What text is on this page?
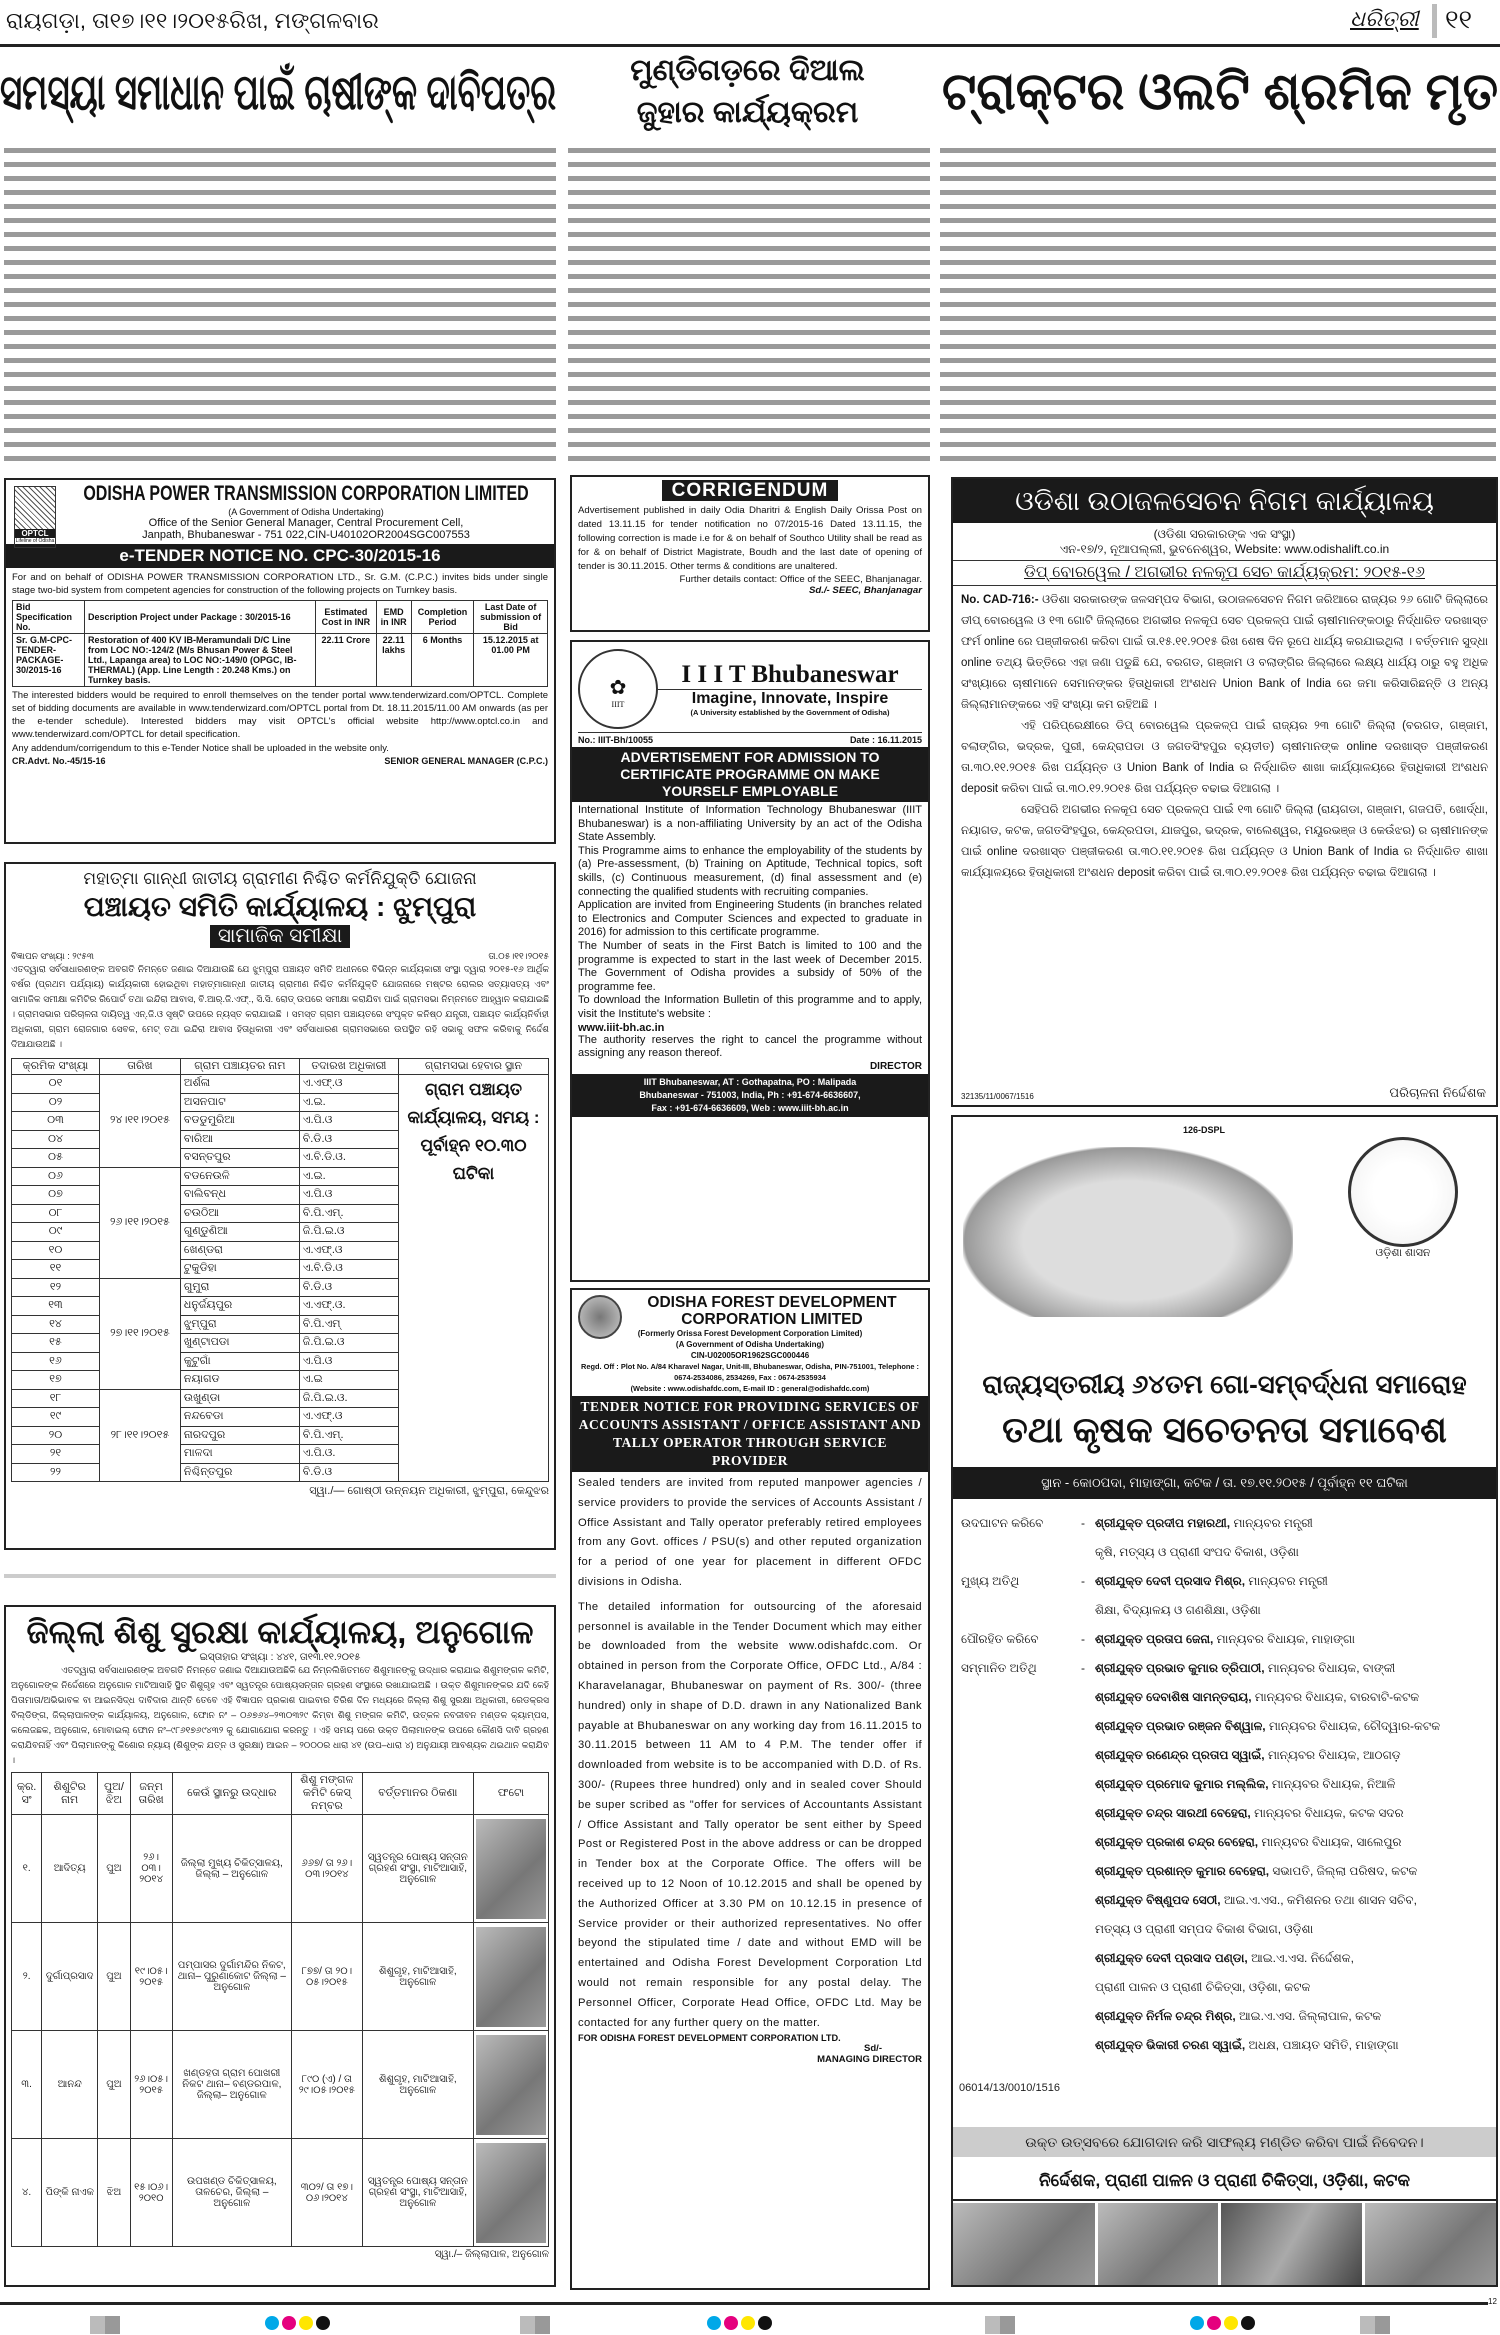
ରାୟଗଡ଼ା, ତା୧୭।୧୧।୨୦୧୫ରିଖ, ମଙ୍ଗଳବାର	ଧରିତ୍ରୀ ୧୧
ସମସ୍ୟା ସମାଧାନ ପାଇଁ ଚାଷୀଙ୍କ ଦାବିପତ୍ର	ମୁଣ୍ଡିଗଡ଼ରେ ଦିଆଲ
ଜୁହାର କାର୍ଯ୍ୟକ୍ରମ	ଟ୍ରାକ୍ଟର ଓଲଟି ଶ୍ରମିକ ମୃତ
OPTCL
Lifeline of Odisha
ODISHA POWER TRANSMISSION CORPORATION LIMITED
(A Government of Odisha Undertaking)
Office of the Senior General Manager, Central Procurement Cell,
Janpath, Bhubaneswar - 751 022,CIN-U40102OR2004SGC007553
e-TENDER NOTICE NO. CPC-30/2015-16
For and on behalf of ODISHA POWER TRANSMISSION CORPORATION LTD., Sr. G.M. (C.P.C.) invites bids under single stage two-bid system from competent agencies for construction of the following projects on Turnkey basis.
Bid Specification No.	Description Project under Package : 30/2015-16	Estimated Cost in INR	EMD in INR	Completion Period	Last Date of submission of Bid
Sr. G.M-CPC-TENDER-PACKAGE-30/2015-16	Restoration of 400 KV IB-Meramundali D/C Line from LOC NO:-124/2 (M/s Bhusan Power & Steel Ltd., Lapanga area) to LOC NO:-149/0 (OPGC, IB-THERMAL) (App. Line Length : 20.248 Kms.) on Turnkey basis.	22.11 Crore	22.11 lakhs	6 Months	15.12.2015 at 01.00 PM
The interested bidders would be required to enroll themselves on the tender portal www.tenderwizard.com/OPTCL. Complete set of bidding documents are available in www.tenderwizard.com/OPTCL portal from Dt. 18.11.2015/11.00 AM onwards (as per the e-tender schedule). Interested bidders may visit OPTCL's official website http://www.optcl.co.in and www.tenderwizard.com/OPTCL for detail specification.
Any addendum/corrigendum to this e-Tender Notice shall be uploaded in the website only.
CR.Advt. No.-45/15-16	SENIOR GENERAL MANAGER (C.P.C.)
ମହାତ୍ମା ଗାନ୍ଧୀ ଜାତୀୟ ଗ୍ରାମୀଣ ନିଶ୍ଚିତ କର୍ମନିଯୁକ୍ତି ଯୋଜନା
ପଞ୍ଚାୟତ ସମିତି କାର୍ଯ୍ୟାଳୟ : ଝୁମ୍ପୁରା
ସାମାଜିକ ସମୀକ୍ଷା
ବିଜ୍ଞାପନ ସଂଖ୍ୟା : ୨୯୫୩	ତା.୦୫।୧୧।୨୦୧୫
ଏତଦ୍ୱାରା ସର୍ବସାଧାରଣଙ୍କ ଅବଗତି ନିମନ୍ତେ ଜଣାଇ ଦିଆଯାଉଛି ଯେ ଝୁମ୍ପୁରା ପଞ୍ଚାୟତ ସମିତି ଅଧୀନରେ ବିଭିନ୍ନ କାର୍ଯ୍ୟକାରୀ ସଂସ୍ଥା ଦ୍ୱାରା ୨୦୧୫-୧୬ ଆର୍ଥିକ ବର୍ଷର (ପ୍ରଥମ ପର୍ଯ୍ୟାୟ) କାର୍ଯ୍ୟକାରୀ ହୋଇଥିବା ମହାତ୍ମାଗାନ୍ଧୀ ଜାତୀୟ ଗ୍ରାମୀଣ ନିଶ୍ଚିତ କର୍ମନିଯୁକ୍ତି ଯୋଜନାରେ ମଷ୍ଟର ରୋଲର ସତ୍ୟାସତ୍ୟ ଏବଂ ସାମାଜିକ ସମୀକ୍ଷା କମିଟିର ରିପୋର୍ଟ ତଥା ଇନ୍ଦିରା ଆବାସ, ବି.ଆର୍.ଜି.ଏଫ୍., ସି.ସି. ରୋଡ୍ ଉପରେ ସମୀକ୍ଷା କରାଯିବା ପାଇଁ ଗ୍ରାମସଭା ନିମ୍ନମତେ ଆହ୍ୱାନ କରାଯାଇଛି । ଗ୍ରାମସଭାର ପରିଚାଳନା ଦାୟିତ୍ୱ ଏନ୍.ଜି.ଓ ସୃଷ୍ଟି ଉପରେ ନ୍ୟସ୍ତ କରାଯାଇଛି । ସମସ୍ତ ଗ୍ରାମ ପଞ୍ଚାୟତରେ ସଂପୃକ୍ତ କନିଷ୍ଠ ଯନ୍ତ୍ରୀ, ପଞ୍ଚାୟତ କାର୍ଯ୍ୟନିର୍ବାହୀ ଅଧିକାରୀ, ଗ୍ରାମ ରୋଜଗାର ସେବକ, ମେଟ୍ ତଥା ଇନ୍ଦିରା ଆବାସ ହିତାଧିକାରୀ ଏବଂ ସର୍ବସାଧାରଣ ଗ୍ରାମସଭାରେ ଉପସ୍ଥିତ ରହି ସଭାକୁ ସଫଳ କରିବାକୁ ନିର୍ଦ୍ଦେଶ ଦିଆଯାଉଅଛି ।
କ୍ରମିକ ସଂଖ୍ୟା	ତାରିଖ	ଗ୍ରାମ ପଞ୍ଚାୟତର ନାମ	ତଦାରଖ ଅଧିକାରୀ	ଗ୍ରାମସଭା ହେବାର ସ୍ଥାନ
୦୧	୨୪।୧୧।୨୦୧୫	ଅର୍ଶଳା	ଏ.ଏଫ୍.ଓ	ଗ୍ରାମ ପଞ୍ଚାୟତ କାର୍ଯ୍ୟାଳୟ, ସମୟ : ପୂର୍ବାହ୍ନ ୧୦.୩୦ ଘଟିକା
୦୨		ଅସନପାଟ	ଏ.ଇ.	
୦୩		ବଡଡୁମୁରିଆ	ଏ.ପି.ଓ	
୦୪		ବାରିଆ	ବି.ଡି.ଓ	
୦୫		ବସନ୍ତପୁର	ଏ.ବି.ଡି.ଓ.	
୦୬	୨୬।୧୧।୨୦୧୫	ବଡନେଉଳି	ଏ.ଇ.	
୦୭		ବାଲିବନ୍ଧ	ଏ.ପି.ଓ	
୦୮		ଚଉଠିଆ	ବି.ପି.ଏମ୍.	
୦୯		ଗୁଣ୍ଡୁଣିଆ	ଜି.ପି.ଇ.ଓ	
୧୦		ଖେଣ୍ଡରା	ଏ.ଏଫ୍.ଓ	
୧୧		ଟୁକୁଡିହା	ଏ.ବି.ଡି.ଓ	
୧୨	୨୭।୧୧।୨୦୧୫	ଗୁମୁରା	ବି.ଡି.ଓ	
୧୩		ଧନୁର୍ଜୟପୁର	ଏ.ଏଫ୍.ଓ.	
୧୪		ଝୁମ୍ପୁରା	ବି.ପି.ଏମ୍	
୧୫		ଖୁଣ୍ଟାପଡା	ଜି.ପି.ଇ.ଓ	
୧୬		କୁଟୁଗାଁ	ଏ.ପି.ଓ	
୧୭		ନୟାଗଡ	ଏ.ଇ	
୧୮	୨୮।୧୧।୨୦୧୫	ଉଖୁଣ୍ଡା	ଜି.ପି.ଇ.ଓ.	
୧୯		ନନ୍ଦବେଡା	ଏ.ଏଫ୍.ଓ	
୨୦		ନାରଦପୁର	ବି.ପି.ଏମ୍.	
୨୧		ମାଳଦା	ଏ.ପି.ଓ.	
୨୨		ନିଶ୍ଚିନ୍ତପୁର	ବି.ଡି.ଓ	
ସ୍ୱା./— ଗୋଷ୍ଠୀ ଉନ୍ନୟନ ଅଧିକାରୀ, ଝୁମ୍ପୁରା, କେନ୍ଦୁଝର
ଜିଲ୍ଲା ଶିଶୁ ସୁରକ୍ଷା କାର୍ଯ୍ୟାଳୟ, ଅନୁଗୋଳ
ଇସ୍ତାହାର ସଂଖ୍ୟା : ୪୪୧, ତା୧୩.୧୧.୨୦୧୫
ଏତଦ୍ୱାରା ସର୍ବସାଧାରଣଙ୍କ ଅବଗତି ନିମନ୍ତେ ଜଣାଇ ଦିଆଯାଉଅଛିକି ଯେ ନିମ୍ନଲିଖିତମତେ ଶିଶୁମାନଙ୍କୁ ଉଦ୍ଧାର କରାଯାଇ ଶିଶୁମଙ୍ଗଳ କମିଟି, ଅନୁଗୋଳଙ୍କ ନିର୍ଦ୍ଦେଶରେ ଅନୁଗୋଳ ମାଟିଆସାହି ସ୍ଥିତ ଶିଶୁଗୃହ ଏବଂ ସ୍ୱତନ୍ତ୍ର ପୋଷ୍ୟସନ୍ତାନ ଗ୍ରହଣ ସଂସ୍ଥାରେ ରଖାଯାଇଅଛି । ଉକ୍ତ ଶିଶୁମାନଙ୍କର ଯଦି କେହି ପିତାମାତା/ଅଭିଭାବକ ବା ଆଇନସିଦ୍ଧ ଦାବିଦାର ଥାନ୍ତି ତେବେ ଏହି ବିଜ୍ଞାପନ ପ୍ରକାଶ ପାଇବାର ତିରିଶ ଦିନ ମଧ୍ୟରେ ଜିଲ୍ଲା ଶିଶୁ ସୁରକ୍ଷା ଅଧିକାରୀ, ରେଡକ୍ରସ ବିଲ୍ଡିଙ୍ଗ, ଜିଲ୍ଲାପାଳଙ୍କ କାର୍ଯ୍ୟାଳୟ, ଅନୁଗୋଳ, ଫୋନ ନଂ – ୦୬୭୬୪–୨୩୦୩୨୯ କିମ୍ବା ଶିଶୁ ମଙ୍ଗଳ କମିଟି, ଉତ୍କଳ ନବଜୀବନ ମଣ୍ଡଳ କ୍ୟାମ୍ପସ, କଲେଜଛକ, ଅନୁଗୋଳ, ମୋବାଇଲ୍ ଫୋନ ନଂ–୯୮୬୧୭୬୯୪୩୨ କୁ ଯୋଗାଯୋଗ କରନ୍ତୁ । ଏହି ସମୟ ପରେ ଉକ୍ତ ପିଲାମାନଙ୍କ ଉପରେ କୌଣସି ଦାବି ଗ୍ରହଣ କରାଯିବନାହିଁ ଏବଂ ପିଲାମାନଙ୍କୁ କିଶୋର ନ୍ୟାୟ (ଶିଶୁଙ୍କ ଯତ୍ନ ଓ ସୁରକ୍ଷା) ଆଇନ – ୨୦୦୦ର ଧାରା ୪୧ (ଉପ–ଧାରା ୪) ଅନୁଯାୟୀ ଆବଶ୍ୟକ ଥଇଥାନ କରାଯିବ ।
କ୍ର. ସଂ	ଶିଶୁଟିର ନାମ	ପୁଅ/ ଝିଅ	ଜନ୍ମ ତାରିଖ	କେଉଁ ସ୍ଥାନରୁ ଉଦ୍ଧାର	ଶିଶୁ ମଙ୍ଗଳ କମିଟି କେସ୍ ନମ୍ବର	ବର୍ତ୍ତମାନର ଠିକଣା	ଫଟୋ
୧.	ଆଦିତ୍ୟ	ପୁଅ	୨୬।୦୩।୨୦୧୪	ଜିଲ୍ଲା ମୁଖ୍ୟ ଚିକିତ୍ସାଳୟ, ଜିଲ୍ଲା – ଅନୁଗୋଳ	୬୬୭/ ତା ୨୬।୦୩।୨୦୧୪	ସ୍ୱତନ୍ତ୍ର ପୋଷ୍ୟ ସନ୍ତାନ ଗ୍ରହଣ ସଂସ୍ଥା, ମାଟିଆସାହି, ଅନୁଗୋଳ	

୨.	ଦୁର୍ଗାପ୍ରସାଦ	ପୁଅ	୧୯।୦୫।୨୦୧୫	ପମ୍ପାସର ଦୁର୍ଗାମନ୍ଦିର ନିକଟ, ଥାନା– ପୁରୁଣାକୋଟ ଜିଲ୍ଲା – ଅନୁଗୋଳ	୮୭୭/ ତା ୨୦।୦୫।୨୦୧୫	ଶିଶୁଗୃହ, ମାଟିଆସାହି, ଅନୁଗୋଳ	

୩.	ଆନନ୍ଦ	ପୁଅ	୨୬।୦୫।୨୦୧୫	ଖଣ୍ଡହତା ଗ୍ରାମ ପୋଖରୀ ନିକଟ ଥାନା– ବଣ୍ଡରପାଳ, ଜିଲ୍ଲା– ଅନୁଗୋଳ	୮୯୦ (ଏ) / ତା ୨୯।୦୫।୨୦୧୫	ଶିଶୁଗୃହ, ମାଟିଆସାହି, ଅନୁଗୋଳ	

୪.	ପିଙ୍କି ନାଏକ	ଝିଅ	୧୫।୦୬।୨୦୧୦	ଉପଖଣ୍ଡ ଚିକିତ୍ସାଳୟ, ତାଳଚେର, ଜିଲ୍ଲା – ଅନୁଗୋଳ	୩୦୨/ ତା ୧୭।୦୬।୨୦୧୪	ସ୍ୱତନ୍ତ୍ର ପୋଷ୍ୟ ସନ୍ତାନ ଗ୍ରହଣ ସଂସ୍ଥା, ମାଟିଆସାହି, ଅନୁଗୋଳ	
ସ୍ୱା./– ଜିଲ୍ଲାପାଳ, ଅନୁଗୋଳ
CORRIGENDUM
Advertisement published in daily Odia Dharitri & English Daily Orissa Post on dated 13.11.15 for tender notification no 07/2015-16 Dated 13.11.15, the following correction is made i.e for & on behalf of Southco Utility shall be read as for & on behalf of District Magistrate, Boudh and the last date of opening of tender is 30.11.2015. Other terms & conditions are unaltered.
Further details contact: Office of the SEEC, Bhanjanagar.
Sd./- SEEC, Bhanjanagar
✿
IIIT
I I I T Bhubaneswar
Imagine, Innovate, Inspire
(A University established by the Government of Odisha)
No.: IIIT-Bh/10055	Date : 16.11.2015
ADVERTISEMENT FOR ADMISSION TO CERTIFICATE PROGRAMME ON MAKE YOURSELF EMPLOYABLE
International Institute of Information Technology Bhubaneswar (IIIT Bhubaneswar) is a non-affiliating University by an act of the Odisha State Assembly.
This Programme aims to enhance the employability of the students by (a) Pre-assessment, (b) Training on Aptitude, Technical topics, soft skills, (c) Continuous measurement, (d) final assessment and (e) connecting the qualified students with recruiting companies.
Application are invited from Engineering Students (in branches related to Electronics and Computer Sciences and expected to graduate in 2016) for admission to this certificate programme.
The Number of seats in the First Batch is limited to 100 and the programme is expected to start in the last week of December 2015. The Government of Odisha provides a subsidy of 50% of the programme fee.
To download the Information Bulletin of this programme and to apply, visit the Institute's website :
www.iiit-bh.ac.in
The authority reserves the right to cancel the programme without assigning any reason thereof.
DIRECTOR
IIIT Bhubaneswar, AT : Gothapatna, PO : Malipada
Bhubaneswar - 751003, India, Ph : +91-674-6636607,
Fax : +91-674-6636609, Web : www.iiit-bh.ac.in
ODISHA FOREST DEVELOPMENT CORPORATION LIMITED
(Formerly Orissa Forest Development Corporation Limited)
(A Government of Odisha Undertaking)
CIN-U02005OR1962SGC000446
Regd. Off : Plot No. A/84 Kharavel Nagar, Unit-III, Bhubaneswar, Odisha, PIN-751001, Telephone : 0674-2534086, 2534269, Fax : 0674-2535934
(Website : www.odishafdc.com, E-mail ID : general@odishafdc.com)
TENDER NOTICE FOR PROVIDING SERVICES OF ACCOUNTS ASSISTANT / OFFICE ASSISTANT AND TALLY OPERATOR THROUGH SERVICE PROVIDER
Sealed tenders are invited from reputed manpower agencies / service providers to provide the services of Accounts Assistant / Office Assistant and Tally operator preferably retired employees from any Govt. offices / PSU(s) and other reputed organization for a period of one year for placement in different OFDC divisions in Odisha.
The detailed information for outsourcing of the aforesaid personnel is available in the Tender Document which may either be downloaded from the website www.odishafdc.com. Or obtained in person from the Corporate Office, OFDC Ltd., A/84 : Kharavelanagar, Bhubaneswar on payment of Rs. 300/- (three hundred) only in shape of D.D. drawn in any Nationalized Bank payable at Bhubaneswar on any working day from 16.11.2015 to 30.11.2015 between 11 AM to 4 P.M. The tender offer if downloaded from website is to be accompanied with D.D. of Rs. 300/- (Rupees three hundred) only and in sealed cover Should be super scribed as "offer for services of Accountants Assistant / Office Assistant and Tally operator be sent either by Speed Post or Registered Post in the above address or can be dropped in Tender box at the Corporate Office. The offers will be received up to 12 Noon of 10.12.2015 and shall be opened by the Authorized Officer at 3.30 PM on 10.12.15 in presence of Service provider or their authorized representatives. No offer beyond the stipulated time / date and without EMD will be entertained and Odisha Forest Development Corporation Ltd would not remain responsible for any postal delay. The Personnel Officer, Corporate Head Office, OFDC Ltd. May be contacted for any further query on the matter.
FOR ODISHA FOREST DEVELOPMENT CORPORATION LTD.
Sd/-
MANAGING DIRECTOR
ଓଡିଶା ଉଠାଜଳସେଚନ ନିଗମ କାର୍ଯ୍ୟାଳୟ
(ଓଡିଶା ସରକାରଙ୍କ ଏକ ସଂସ୍ଥା)
ଏନ-୧୭/୨, ନୂଆପଲ୍ଲୀ, ଭୁବନେଶ୍ୱର, Website: www.odishalift.co.in
ଡିପ୍ ବୋରୱେଲ / ଅଗଭୀର ନଳକୂପ ସେଚ କାର୍ଯ୍ୟକ୍ରମ: ୨୦୧୫-୧୬
No. CAD-716:- ଓଡିଶା ସରକାରଙ୍କ ଜଳସମ୍ପଦ ବିଭାଗ, ଉଠାଜଳସେଚନ ନିଗମ ଜରିଆରେ ରାଜ୍ୟର ୨୬ ଗୋଟି ଜିଲ୍ଲାରେ ଡୀପ୍ ବୋରୱେଲ ଓ ୧୩ ଗୋଟି ଜିଲ୍ଲାରେ ଅଗଭୀର ନଳକୂପ ସେଚ ପ୍ରକଳ୍ପ ପାଇଁ ଚାଷୀମାନଙ୍କଠାରୁ ନିର୍ଦ୍ଧାରିତ ଦରଖାସ୍ତ ଫର୍ମ online ରେ ପଞ୍ଜୀକରଣ କରିବା ପାଇଁ ତା.୧୫.୧୧.୨୦୧୫ ରିଖ ଶେଷ ଦିନ ରୂପେ ଧାର୍ଯ୍ୟ କରଯାଇଥିଲା । ବର୍ତ୍ତମାନ ସୁଦ୍ଧା online ତଥ୍ୟ ଭିତ୍ତିରେ ଏହା ଜଣା ପଡୁଛି ଯେ, ବରଗଡ, ଗଞ୍ଜାମ ଓ ବଲାଙ୍ଗିର ଜିଲ୍ଲାରେ ଲକ୍ଷ୍ୟ ଧାର୍ଯ୍ୟ ଠାରୁ ବହୁ ଅଧିକ ସଂଖ୍ୟାରେ ଚାଷୀମାନେ ସେମାନଙ୍କର ହିତାଧିକାରୀ ଅଂଶଧନ Union Bank of India ରେ ଜମା କରିସାରିଛନ୍ତି ଓ ଅନ୍ୟ ଜିଲ୍ଲାମାନଙ୍କରେ ଏହି ସଂଖ୍ୟା କମ ରହିଅଛି ।
ଏହି ପରିପ୍ରେକ୍ଷୀରେ ଡିପ୍ ବୋରୱେଲ ପ୍ରକଳ୍ପ ପାଇଁ ରାଜ୍ୟର ୨୩ ଗୋଟି ଜିଲ୍ଲା (ବରଗଡ, ଗଞ୍ଜାମ, ବଲାଙ୍ଗିର, ଭଦ୍ରକ, ପୁରୀ, କେନ୍ଦ୍ରାପଡା ଓ ଜଗତସିଂହପୁର ବ୍ୟତୀତ) ଚାଷୀମାନଙ୍କ online ଦରଖାସ୍ତ ପଞ୍ଜୀକରଣ ତା.୩୦.୧୧.୨୦୧୫ ରିଖ ପର୍ଯ୍ୟନ୍ତ ଓ Union Bank of India ର ନିର୍ଦ୍ଧାରିତ ଶାଖା କାର୍ଯ୍ୟାଳୟରେ ହିତାଧିକାରୀ ଅଂଶଧନ deposit କରିବା ପାଇଁ ତା.୩୦.୧୨.୨୦୧୫ ରିଖ ପର୍ଯ୍ୟନ୍ତ ବଢାଇ ଦିଆଗଲା ।
ସେହିପରି ଅଗଭୀର ନଳକୂପ ସେଚ ପ୍ରକଳ୍ପ ପାଇଁ ୧୩ ଗୋଟି ଜିଲ୍ଲା (ରାୟଗଡା, ଗଞ୍ଜାମ, ଗଜପତି, ଖୋର୍ଦ୍ଧା, ନୟାଗଡ, କଟକ, ଜଗତସିଂହପୁର, କେନ୍ଦ୍ରପଡା, ଯାଜପୁର, ଭଦ୍ରକ, ବାଲେଶ୍ୱର, ମୟୂରଭଞ୍ଜ ଓ କେଉଁଝର) ର ଚାଷୀମାନଙ୍କ ପାଇଁ online ଦରଖାସ୍ତ ପଞ୍ଜୀକରଣ ତା.୩୦.୧୧.୨୦୧୫ ରିଖ ପର୍ଯ୍ୟନ୍ତ ଓ Union Bank of India ର ନିର୍ଦ୍ଧାରିତ ଶାଖା କାର୍ଯ୍ୟାଳୟରେ ହିତାଧିକାରୀ ଅଂଶଧନ deposit କରିବା ପାଇଁ ତା.୩୦.୧୨.୨୦୧୫ ରିଖ ପର୍ଯ୍ୟନ୍ତ ବଢାଇ ଦିଆଗଲା ।
32135/11/0067/1516	ପରିଚାଳନା ନିର୍ଦ୍ଦେଶକ
126-DSPL
ଓଡ଼ିଶା ଶାସନ
ରାଜ୍ୟସ୍ତରୀୟ ୬୪ତମ ଗୋ-ସମ୍ବର୍ଦ୍ଧନା ସମାରୋହ
ତଥା କୃଷକ ସଚେତନତା ସମାବେଶ
ସ୍ଥାନ - କୋଠପଦା, ମାହାଙ୍ଗା, କଟକ / ତା. ୧୭.୧୧.୨୦୧୫ / ପୂର୍ବାହ୍ନ ୧୧ ଘଟିକା
ଉଦଘାଟନ କରିବେ	- ଶ୍ରୀଯୁକ୍ତ ପ୍ରଦୀପ ମହାରଥୀ, ମାନ୍ୟବର ମନ୍ତ୍ରୀ
କୃଷି, ମତ୍ସ୍ୟ ଓ ପ୍ରାଣୀ ସଂପଦ ବିକାଶ, ଓଡ଼ିଶା
ମୁଖ୍ୟ ଅତିଥି	- ଶ୍ରୀଯୁକ୍ତ ଦେବୀ ପ୍ରସାଦ ମିଶ୍ର, ମାନ୍ୟବର ମନ୍ତ୍ରୀ
ଶିକ୍ଷା, ବିଦ୍ୟାଳୟ ଓ ଗଣଶିକ୍ଷା, ଓଡ଼ିଶା
ପୌରହିତ କରିବେ	- ଶ୍ରୀଯୁକ୍ତ ପ୍ରତାପ ଜେନା, ମାନ୍ୟବର ବିଧାୟକ, ମାହାଙ୍ଗା
ସମ୍ମାନିତ ଅତିଥି	- ଶ୍ରୀଯୁକ୍ତ ପ୍ରଭାତ କୁମାର ତ୍ରିପାଠୀ, ମାନ୍ୟବର ବିଧାୟକ, ବାଙ୍କୀ
ଶ୍ରୀଯୁକ୍ତ ଦେବାଶିଷ ସାମନ୍ତରାୟ, ମାନ୍ୟବର ବିଧାୟକ, ବାରବାଟି-କଟକ
ଶ୍ରୀଯୁକ୍ତ ପ୍ରଭାତ ରଞ୍ଜନ ବିଶ୍ୱାଳ, ମାନ୍ୟବର ବିଧାୟକ, ଚୌଦ୍ୱାର-କଟକ
ଶ୍ରୀଯୁକ୍ତ ରଣେନ୍ଦ୍ର ପ୍ରତାପ ସ୍ୱାଇଁ, ମାନ୍ୟବର ବିଧାୟକ, ଆଠଗଡ଼
ଶ୍ରୀଯୁକ୍ତ ପ୍ରମୋଦ କୁମାର ମଲ୍ଲିକ, ମାନ୍ୟବର ବିଧାୟକ, ନିଆଳି
ଶ୍ରୀଯୁକ୍ତ ଚନ୍ଦ୍ର ସାରଥୀ ବେହେରା, ମାନ୍ୟବର ବିଧାୟକ, କଟକ ସଦର
ଶ୍ରୀଯୁକ୍ତ ପ୍ରକାଶ ଚନ୍ଦ୍ର ବେହେରା, ମାନ୍ୟବର ବିଧାୟକ, ସାଲେପୁର
ଶ୍ରୀଯୁକ୍ତ ପ୍ରଶାନ୍ତ କୁମାର ବେହେରା, ସଭାପତି, ଜିଲ୍ଲା ପରିଷଦ, କଟକ
ଶ୍ରୀଯୁକ୍ତ ବିଷ୍ଣୁପଦ ସେଠୀ, ଆଇ.ଏ.ଏସ., କମିଶନର ତଥା ଶାସନ ସଚିବ,
ମତ୍ସ୍ୟ ଓ ପ୍ରାଣୀ ସମ୍ପଦ ବିକାଶ ବିଭାଗ, ଓଡ଼ିଶା
ଶ୍ରୀଯୁକ୍ତ ଦେବୀ ପ୍ରସାଦ ପଣ୍ଡା, ଆଇ.ଏ.ଏସ. ନିର୍ଦ୍ଦେଶକ,
ପ୍ରାଣୀ ପାଳନ ଓ ପ୍ରାଣୀ ଚିକିତ୍ସା, ଓଡ଼ିଶା, କଟକ
ଶ୍ରୀଯୁକ୍ତ ନିର୍ମଳ ଚନ୍ଦ୍ର ମିଶ୍ର, ଆଇ.ଏ.ଏସ. ଜିଲ୍ଲାପାଳ, କଟକ
ଶ୍ରୀଯୁକ୍ତ ଭିକାରୀ ଚରଣ ସ୍ୱାଇଁ, ଅଧକ୍ଷ, ପଞ୍ଚାୟତ ସମିତି, ମାହାଙ୍ଗା
06014/13/0010/1516
ଉକ୍ତ ଉତ୍ସବରେ ଯୋଗଦାନ କରି ସାଫଲ୍ୟ ମଣ୍ଡିତ କରିବା ପାଇଁ ନିବେଦନ।
ନିର୍ଦ୍ଦେଶକ, ପ୍ରାଣୀ ପାଳନ ଓ ପ୍ରାଣୀ ଚିକିତ୍ସା, ଓଡ଼ିଶା, କଟକ
12
